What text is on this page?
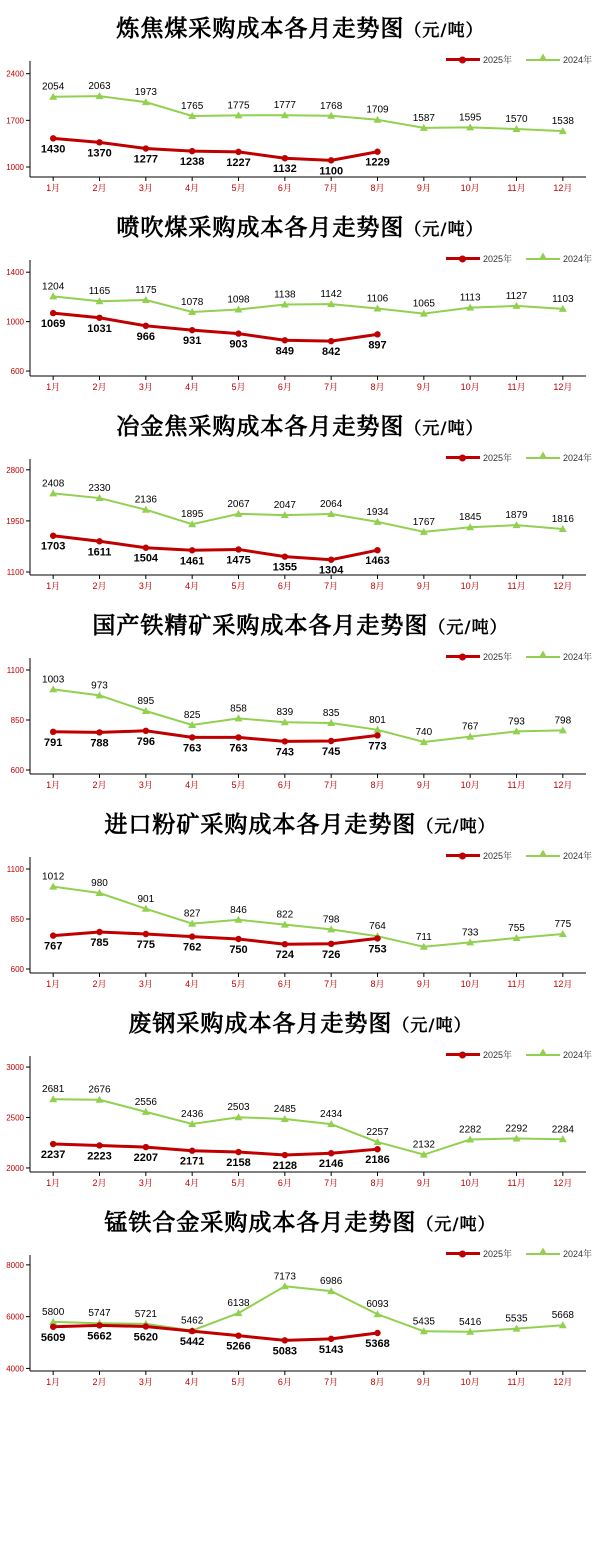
炼焦煤采购成本各月走势图（元/吨）
2025年	2024年
1000
1700
2400
1月	2月	3月	4月	5月	6月	7月	8月	9月	10月	11月	12月
2054 2063
1973
1765 1775 1777 1768 1709
1587 1595 1570 1538
1430 1370
1277 1238 1227
1132 1100
1229
喷吹煤采购成本各月走势图（元/吨）
2025年	2024年
600
1000
1400
1月	2月	3月	4月	5月	6月	7月	8月	9月	10月	11月	12月
1204 1165 1175
1078 1098 1138 1142 1106 1065
1113	1127 1103
1069 1031
966	931	903
849	842
897
冶金焦采购成本各月走势图（元/吨）
2025年	2024年
1100
1950
2800
1月	2月	3月	4月	5月	6月	7月	8月	9月	10月	11月	12月
2408 2330
2136
1895
2067 2047 2064
1934
1767 1845 1879 1816
1703 1611
1504 1461 1475
1355 1304
1463
国产铁精矿采购成本各月走势图（元/吨）
2025年	2024年
600
850
1100
1月	2月	3月	4月	5月	6月	7月	8月	9月	10月	11月	12月
1003
973
895
825
858	839	835
801
740	767	793	798
791	788	796
763	763	743	745	773
进口粉矿采购成本各月走势图（元/吨）
2025年	2024年
600
850
1100
1月	2月	3月	4月	5月	6月	7月	8月	9月	10月	11月	12月
1012
980
901
827	846	822	798
764
711	733	755	775
767	785	775	762	750	724	726	753
废钢采购成本各月走势图（元/吨）
2025年	2024年
2000
2500
3000
1月	2月	3月	4月	5月	6月	7月	8月	9月	10月	11月	12月
2681 2676
2556
2436
2503 2485 2434
2257
2132
2282 2292 2284
2237 2223 2207 2171 2158 2128 2146 2186
锰铁合金采购成本各月走势图（元/吨）
2025年	2024年
4000
6000
8000
1月	2月	3月	4月	5月	6月	7月	8月	9月	10月	11月	12月
5800 5747 5721
5462
6138
7173 6986
6093
5435 5416 5535 5668
5609 5662 5620 5442 5266 5083 5143 5368
